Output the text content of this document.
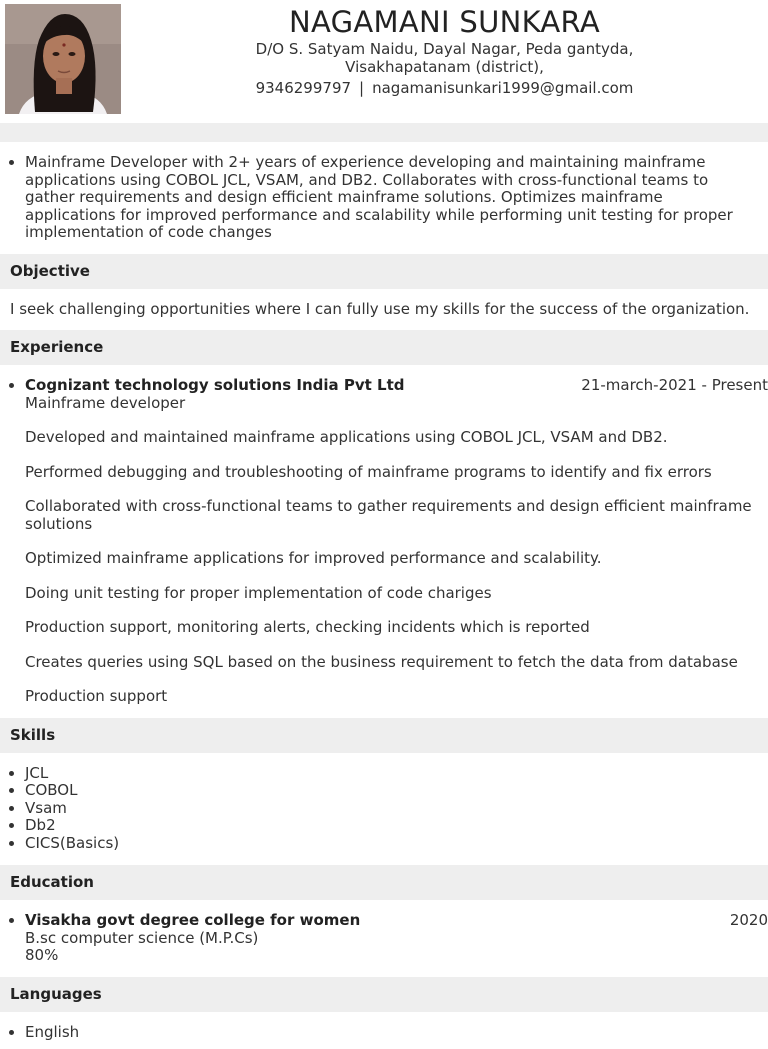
NAGAMANI SUNKARA
D/O S. Satyam Naidu, Dayal Nagar, Peda gantyda,
Visakhapatanam (district),
9346299797 | nagamanisunkari1999@gmail.com
• Mainframe Developer with 2+ years of experience developing and maintaining mainframe applications using COBOL JCL, VSAM, and DB2. Collaborates with cross-functional teams to gather requirements and design efficient mainframe solutions. Optimizes mainframe applications for improved performance and scalability while performing unit testing for proper implementation of code changes
Objective
I seek challenging opportunities where I can fully use my skills for the success of the organization.
Experience
• Cognizant technology solutions India Pvt Ltd	21-march-2021 - Present
Mainframe developer
Developed and maintained mainframe applications using COBOL JCL, VSAM and DB2.
Performed debugging and troubleshooting of mainframe programs to identify and fix errors
Collaborated with cross-functional teams to gather requirements and design efficient mainframe solutions
Optimized mainframe applications for improved performance and scalability.
Doing unit testing for proper implementation of code chariges
Production support, monitoring alerts, checking incidents which is reported
Creates queries using SQL based on the business requirement to fetch the data from database
Production support
Skills
• JCL
• COBOL
• Vsam
• Db2
• CICS(Basics)
Education
• Visakha govt degree college for women	2020
B.sc computer science (M.P.Cs)
80%
Languages
• English
